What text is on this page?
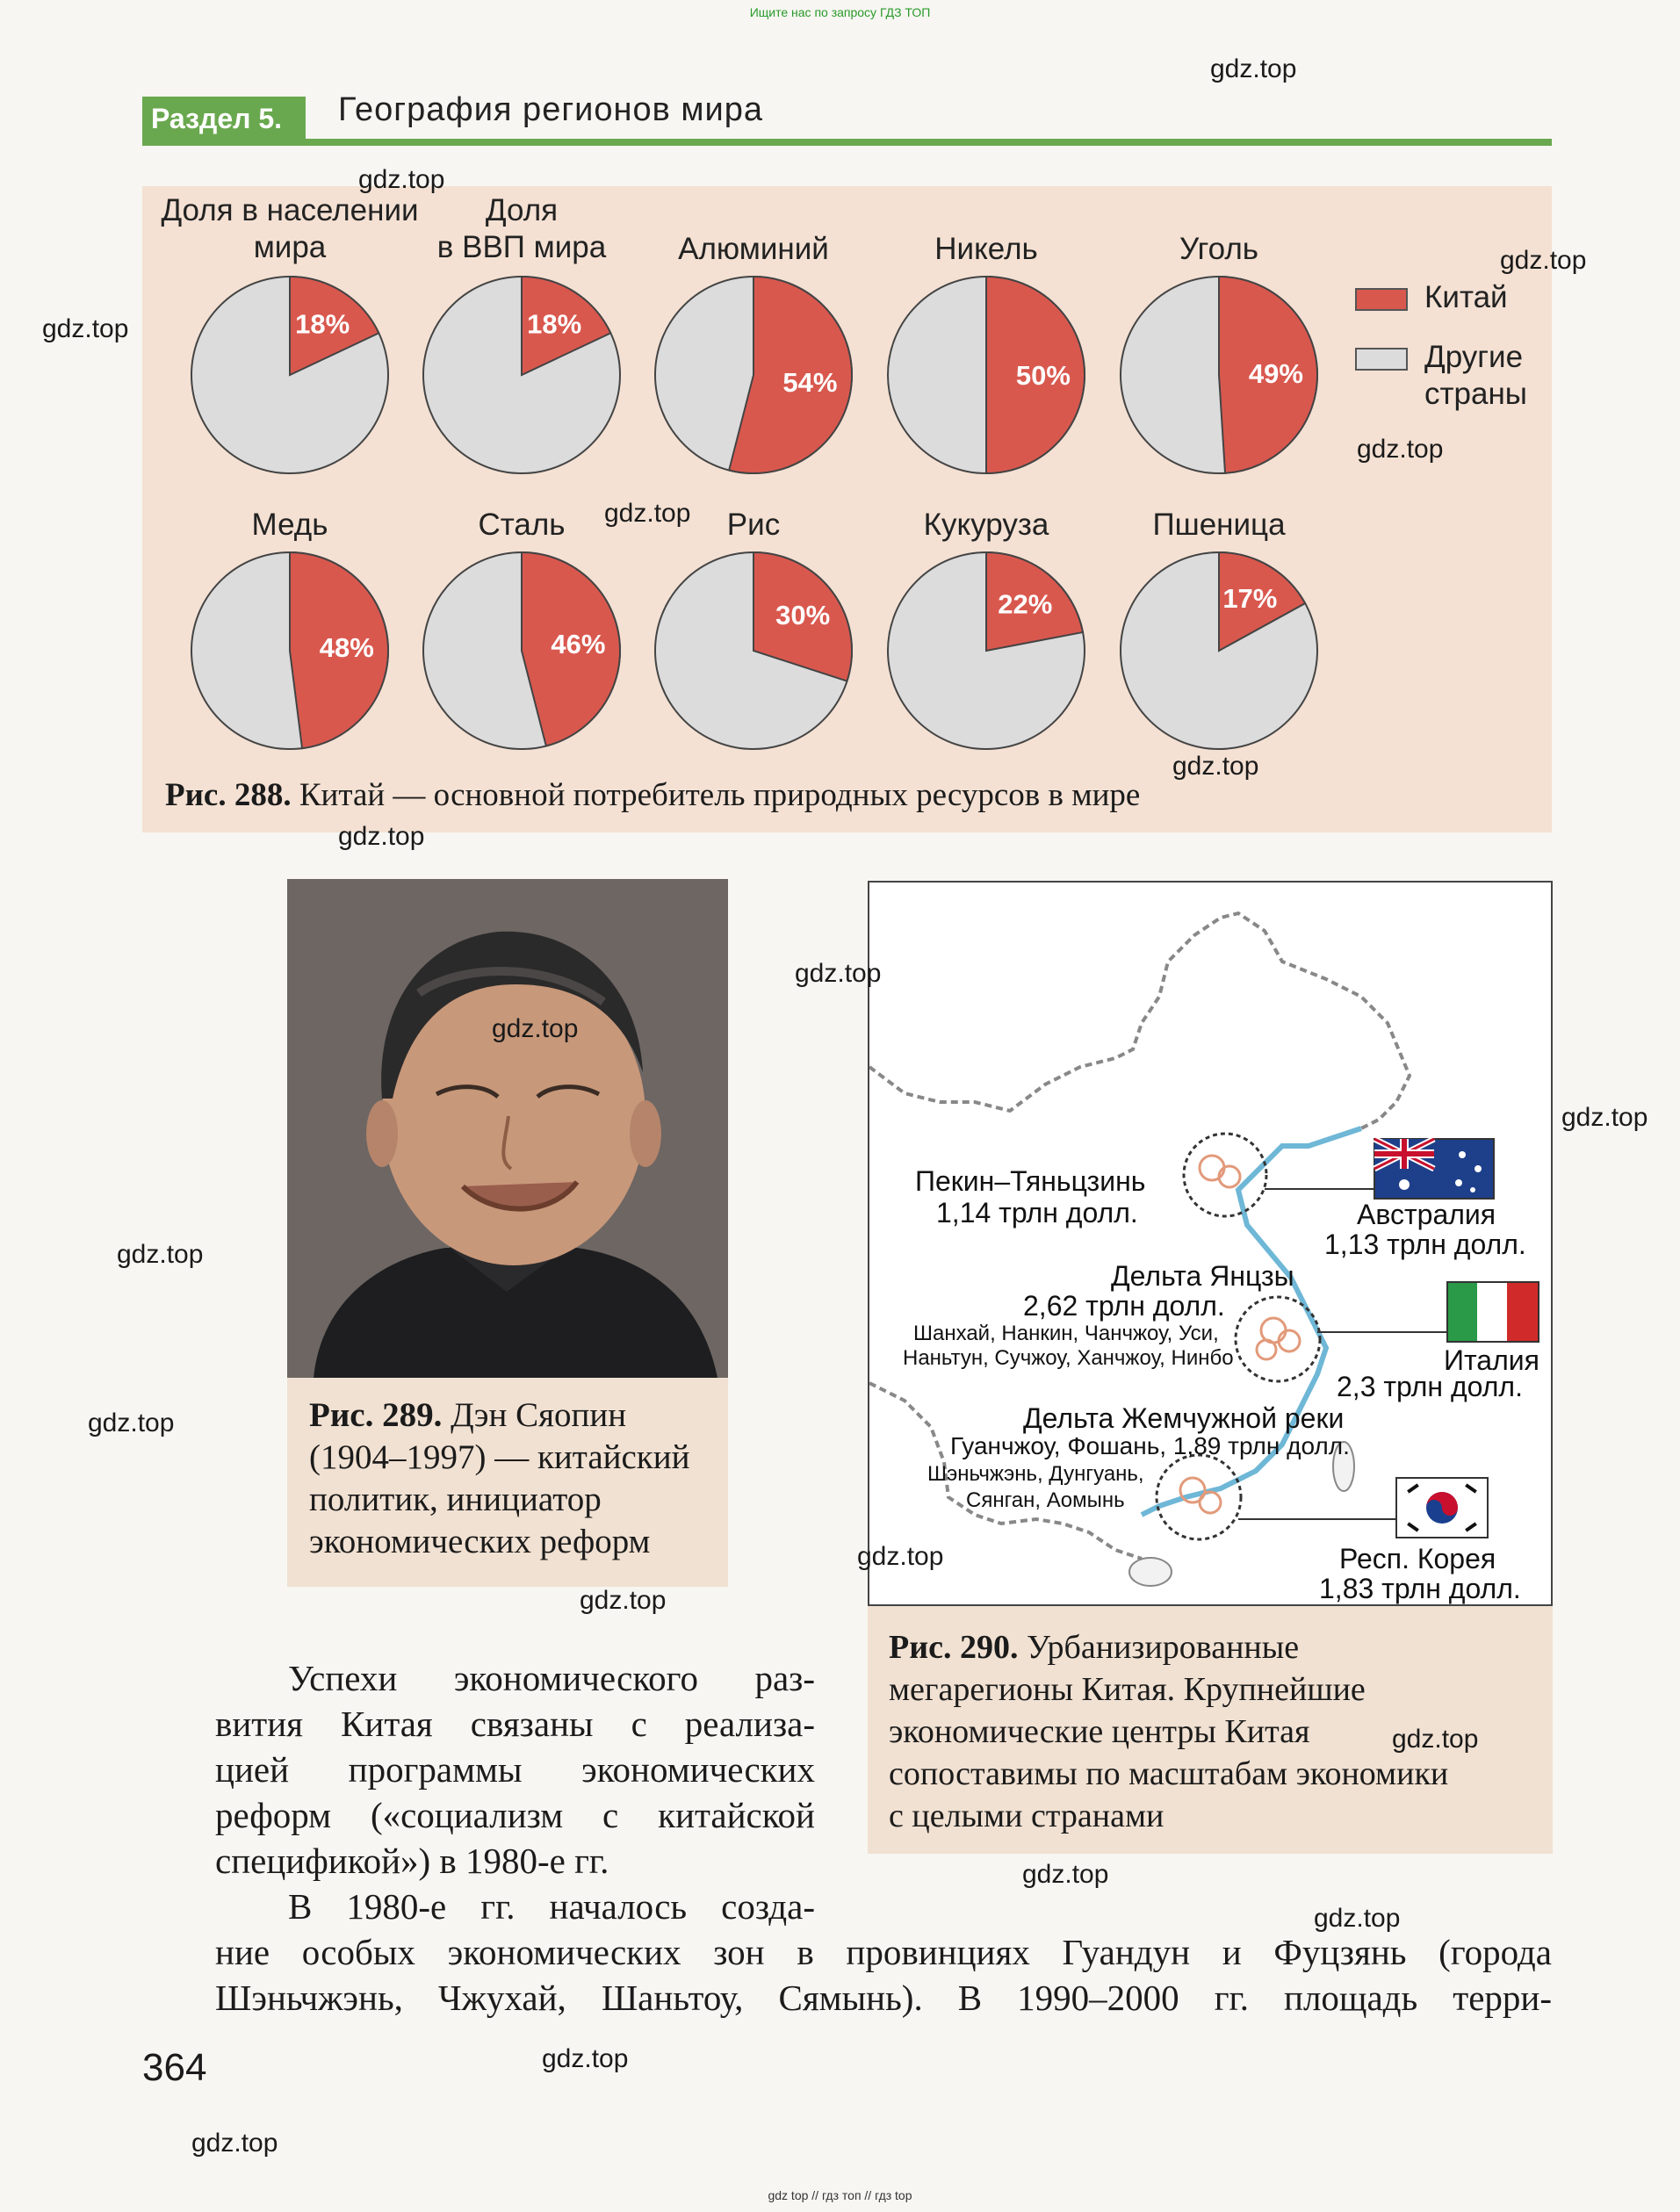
Ищите нас по запросу ГДЗ ТОП
gdz top // гдз топ // гдз top
Раздел 5.	География регионов мира
18%	18%
54%	50%	49%
48%	46%
30%	22%	17%
Доля в населении
мира
Доля
в ВВП мира	Алюминий	Никель	Уголь
Медь	Сталь	Рис	Кукуруза	Пшеница
Китай
Другие
страны
Рис. 288. Китай — основной потребитель природных ресурсов в мире
Рис. 289. Дэн Сяопин
(1904–1997) — китайский
политик, инициатор
экономических реформ
Пекин–Тяньцзинь
1,14 трлн долл.	Австралия
1,13 трлн долл.
Дельта Янцзы
2,62 трлн долл.
Шанхай, Нанкин, Чанчжоу, Уси,
Наньтун, Сучжоу, Ханчжоу, Нинбо	Италия
2,3 трлн долл.
Дельта Жемчужной реки
Гуанчжоу, Фошань, 1,89 трлн долл.
Шэньчжэнь, Дунгуань,
Сянган, Аомынь
Респ. Корея
1,83 трлн долл.
Рис. 290. Урбанизированные
мегарегионы Китая. Крупнейшие
экономические центры Китая
сопоставимы по масштабам экономики
с целыми странами
Успехи экономического раз-
вития Китая связаны с реализа-
цией программы экономических
реформ («социализм с китайской
спецификой») в 1980-е гг.
В 1980-е гг. началось созда-
ние особых экономических зон в провинциях Гуандун и Фуцзянь (города
Шэньчжэнь, Чжухай, Шаньтоу, Сямынь). В 1990–2000 гг. площадь терри-
364
gdz.top
gdz.top
gdz.top
gdz.top
gdz.top
gdz.top
gdz.top
gdz.top
gdz.top
gdz.top
gdz.top
gdz.top
gdz.top
gdz.top
gdz.top
gdz.top
gdz.top
gdz.top
gdz.top
gdz.top
